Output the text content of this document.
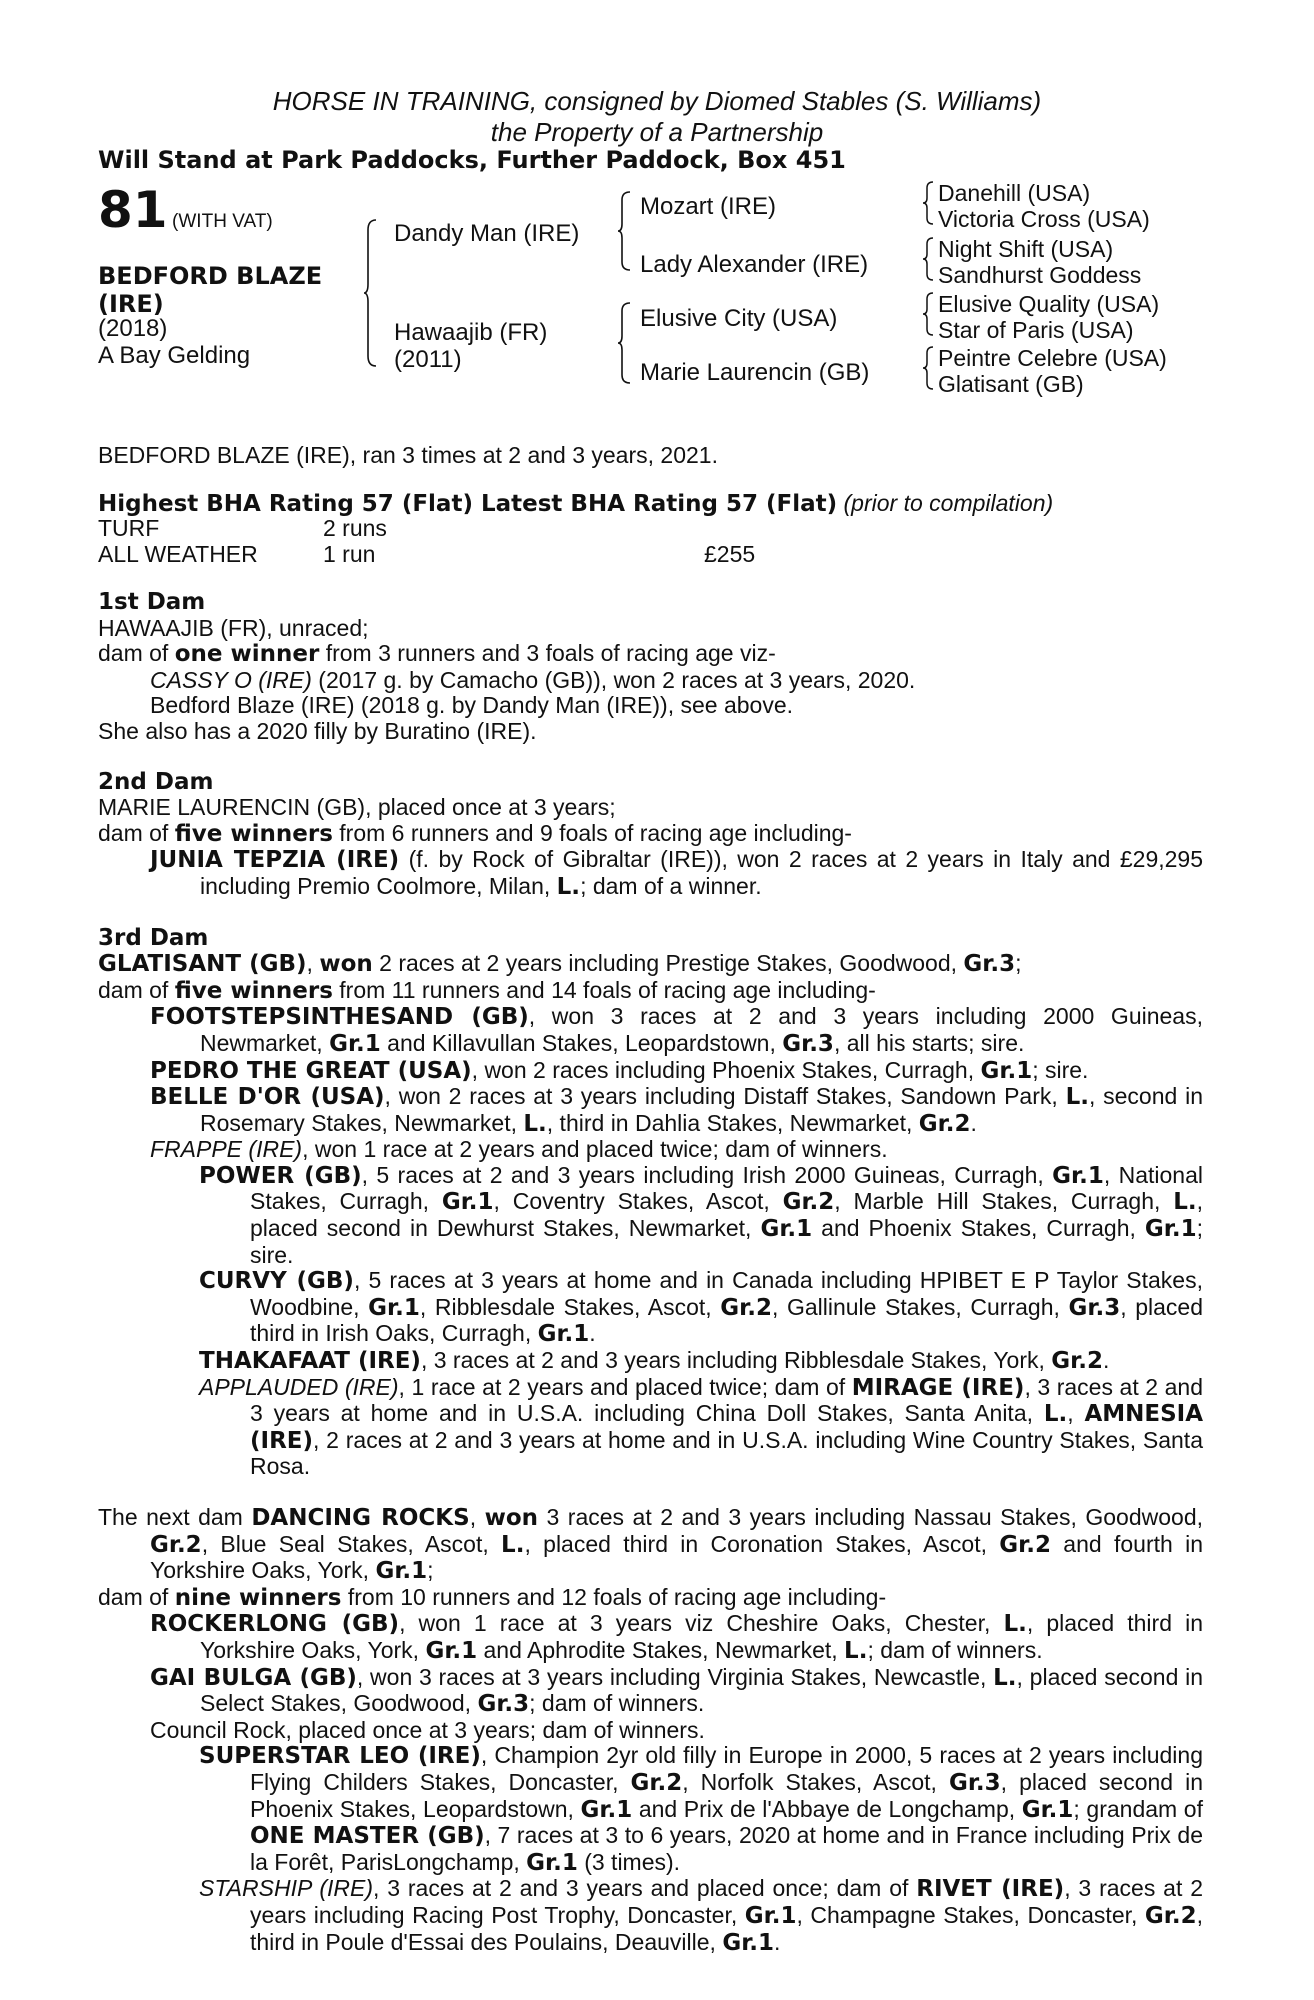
HORSE IN TRAINING, consigned by Diomed Stables (S. Williams)
the Property of a Partnership
Will Stand at Park Paddocks, Further Paddock, Box 451
81 (WITH VAT)
BEDFORD BLAZE
(IRE)
(2018)
A Bay Gelding
Dandy Man (IRE)
Hawaajib (FR)
(2011)
Mozart (IRE)
Lady Alexander (IRE)
Elusive City (USA)
Marie Laurencin (GB)
Danehill (USA)
Victoria Cross (USA)
Night Shift (USA)
Sandhurst Goddess
Elusive Quality (USA)
Star of Paris (USA)
Peintre Celebre (USA)
Glatisant (GB)
BEDFORD BLAZE (IRE), ran 3 times at 2 and 3 years, 2021.
Highest BHA Rating 57 (Flat) Latest BHA Rating 57 (Flat) (prior to compilation)
TURF	2 runs
ALL WEATHER	1 run	£255

1st Dam

HAWAAJIB (FR), unraced;

dam of one winner from 3 runners and 3 foals of racing age viz-

CASSY O (IRE) (2017 g. by Camacho (GB)), won 2 races at 3 years, 2020.

Bedford Blaze (IRE) (2018 g. by Dandy Man (IRE)), see above.

She also has a 2020 filly by Buratino (IRE).

2nd Dam

MARIE LAURENCIN (GB), placed once at 3 years;

dam of five winners from 6 runners and 9 foals of racing age including-

JUNIA TEPZIA (IRE) (f. by Rock of Gibraltar (IRE)), won 2 races at 2 years in Italy and £29,295 including Premio Coolmore, Milan, L.; dam of a winner.

3rd Dam

GLATISANT (GB), won 2 races at 2 years including Prestige Stakes, Goodwood, Gr.3;

dam of five winners from 11 runners and 14 foals of racing age including-

FOOTSTEPSINTHESAND (GB), won 3 races at 2 and 3 years including 2000 Guineas, Newmarket, Gr.1 and Killavullan Stakes, Leopardstown, Gr.3, all his starts; sire.

PEDRO THE GREAT (USA), won 2 races including Phoenix Stakes, Curragh, Gr.1; sire.

BELLE D'OR (USA), won 2 races at 3 years including Distaff Stakes, Sandown Park, L., second in Rosemary Stakes, Newmarket, L., third in Dahlia Stakes, Newmarket, Gr.2.

FRAPPE (IRE), won 1 race at 2 years and placed twice; dam of winners.

POWER (GB), 5 races at 2 and 3 years including Irish 2000 Guineas, Curragh, Gr.1, National Stakes, Curragh, Gr.1, Coventry Stakes, Ascot, Gr.2, Marble Hill Stakes, Curragh, L., placed second in Dewhurst Stakes, Newmarket, Gr.1 and Phoenix Stakes, Curragh, Gr.1; sire.

CURVY (GB), 5 races at 3 years at home and in Canada including HPIBET E P Taylor Stakes, Woodbine, Gr.1, Ribblesdale Stakes, Ascot, Gr.2, Gallinule Stakes, Curragh, Gr.3, placed third in Irish Oaks, Curragh, Gr.1.

THAKAFAAT (IRE), 3 races at 2 and 3 years including Ribblesdale Stakes, York, Gr.2.

APPLAUDED (IRE), 1 race at 2 years and placed twice; dam of MIRAGE (IRE), 3 races at 2 and 3 years at home and in U.S.A. including China Doll Stakes, Santa Anita, L., AMNESIA (IRE), 2 races at 2 and 3 years at home and in U.S.A. including Wine Country Stakes, Santa Rosa.

The next dam DANCING ROCKS, won 3 races at 2 and 3 years including Nassau Stakes, Goodwood, Gr.2, Blue Seal Stakes, Ascot, L., placed third in Coronation Stakes, Ascot, Gr.2 and fourth in Yorkshire Oaks, York, Gr.1;

dam of nine winners from 10 runners and 12 foals of racing age including-

ROCKERLONG (GB), won 1 race at 3 years viz Cheshire Oaks, Chester, L., placed third in Yorkshire Oaks, York, Gr.1 and Aphrodite Stakes, Newmarket, L.; dam of winners.

GAI BULGA (GB), won 3 races at 3 years including Virginia Stakes, Newcastle, L., placed second in Select Stakes, Goodwood, Gr.3; dam of winners.

Council Rock, placed once at 3 years; dam of winners.

SUPERSTAR LEO (IRE), Champion 2yr old filly in Europe in 2000, 5 races at 2 years including Flying Childers Stakes, Doncaster, Gr.2, Norfolk Stakes, Ascot, Gr.3, placed second in Phoenix Stakes, Leopardstown, Gr.1 and Prix de l'Abbaye de Longchamp, Gr.1; grandam of ONE MASTER (GB), 7 races at 3 to 6 years, 2020 at home and in France including Prix de la Forêt, ParisLongchamp, Gr.1 (3 times).

STARSHIP (IRE), 3 races at 2 and 3 years and placed once; dam of RIVET (IRE), 3 races at 2 years including Racing Post Trophy, Doncaster, Gr.1, Champagne Stakes, Doncaster, Gr.2, third in Poule d'Essai des Poulains, Deauville, Gr.1.
